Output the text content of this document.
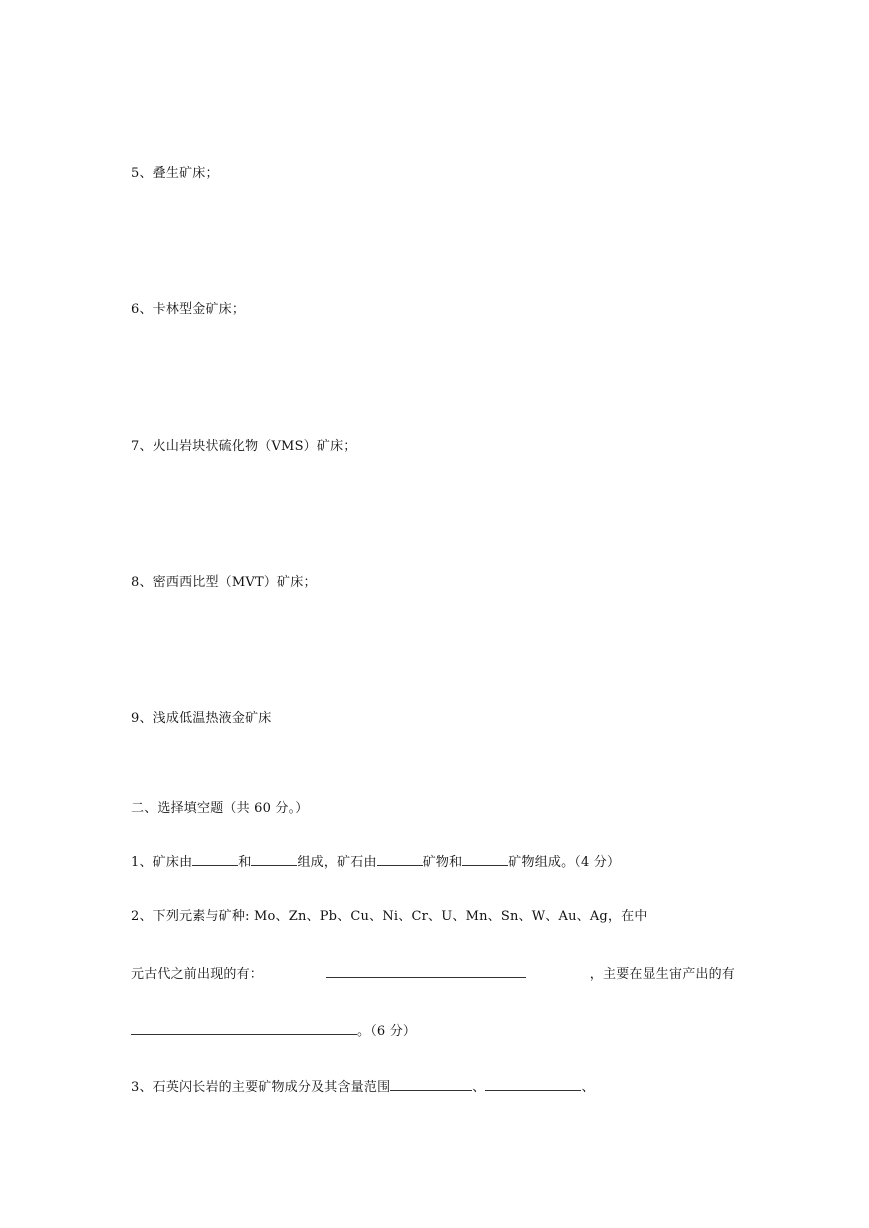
5、叠生矿床；
6、卡林型金矿床；
7、火山岩块状硫化物（VMS）矿床；
8、密西西比型（MVT）矿床；
9、浅成低温热液金矿床
二、选择填空题（共 60 分。）
1、矿床由	和	组成，矿石由	矿物和	矿物组成。（4 分）
2、下列元素与矿种: Mo、Zn、Pb、Cu、Ni、Cr、U、Mn、Sn、W、Au、Ag，在中
元古代之前出现的有：	，主要在显生宙产出的有
。（6 分）
3、石英闪长岩的主要矿物成分及其含量范围	、	、
